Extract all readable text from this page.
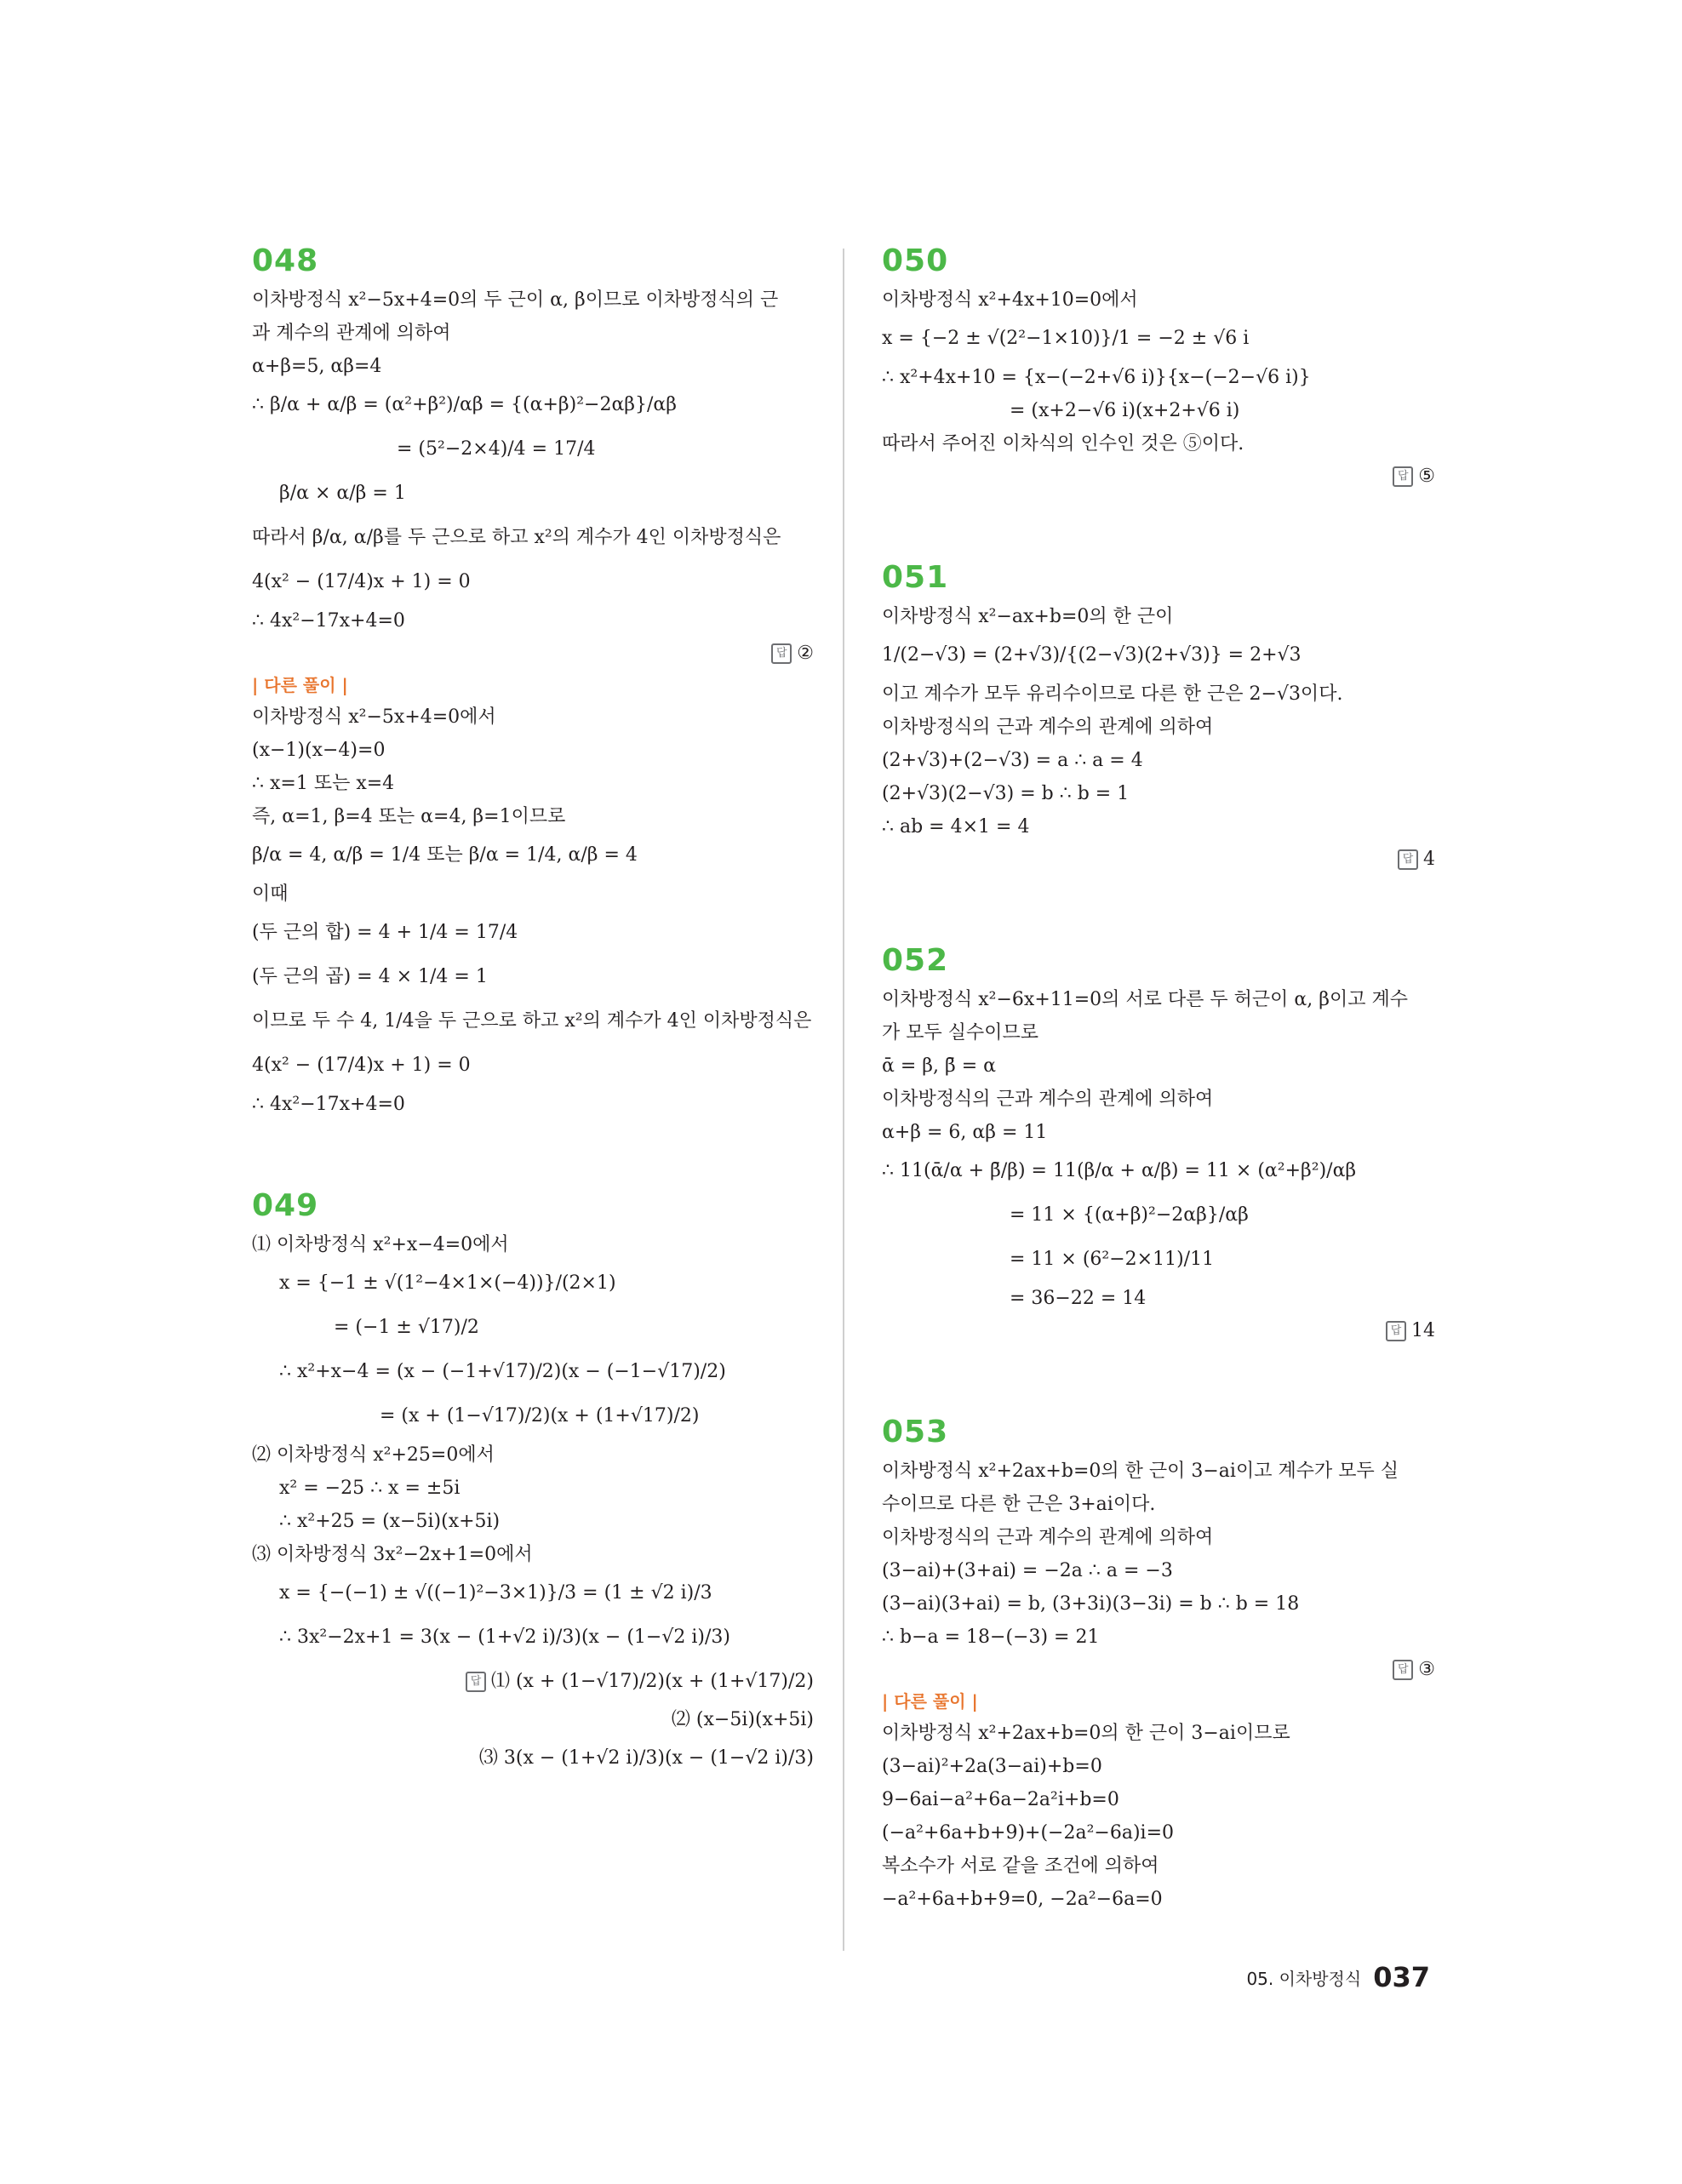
048
이차방정식 x²−5x+4=0의 두 근이 α, β이므로 이차방정식의 근
과 계수의 관계에 의하여
α+β=5, αβ=4
∴ β/α + α/β = (α²+β²)/αβ = {(α+β)²−2αβ}/αβ
= (5²−2×4)/4 = 17/4
β/α × α/β = 1
따라서 β/α, α/β를 두 근으로 하고 x²의 계수가 4인 이차방정식은
4(x² − (17/4)x + 1) = 0
∴ 4x²−17x+4=0
답 ②
| 다른 풀이 |
이차방정식 x²−5x+4=0에서
(x−1)(x−4)=0
∴ x=1 또는 x=4
즉, α=1, β=4 또는 α=4, β=1이므로
β/α = 4, α/β = 1/4 또는 β/α = 1/4, α/β = 4
이때
(두 근의 합) = 4 + 1/4 = 17/4
(두 근의 곱) = 4 × 1/4 = 1
이므로 두 수 4, 1/4을 두 근으로 하고 x²의 계수가 4인 이차방정식은
4(x² − (17/4)x + 1) = 0
∴ 4x²−17x+4=0
049
⑴ 이차방정식 x²+x−4=0에서
x = {−1 ± √(1²−4×1×(−4))}/(2×1)
= (−1 ± √17)/2
∴ x²+x−4 = (x − (−1+√17)/2)(x − (−1−√17)/2)
= (x + (1−√17)/2)(x + (1+√17)/2)
⑵ 이차방정식 x²+25=0에서
x² = −25 ∴ x = ±5i
∴ x²+25 = (x−5i)(x+5i)
⑶ 이차방정식 3x²−2x+1=0에서
x = {−(−1) ± √((−1)²−3×1)}/3 = (1 ± √2 i)/3
∴ 3x²−2x+1 = 3(x − (1+√2 i)/3)(x − (1−√2 i)/3)
답 ⑴ (x + (1−√17)/2)(x + (1+√17)/2)
⑵ (x−5i)(x+5i)
⑶ 3(x − (1+√2 i)/3)(x − (1−√2 i)/3)
050
이차방정식 x²+4x+10=0에서
x = {−2 ± √(2²−1×10)}/1 = −2 ± √6 i
∴ x²+4x+10 = {x−(−2+√6 i)}{x−(−2−√6 i)}
= (x+2−√6 i)(x+2+√6 i)
따라서 주어진 이차식의 인수인 것은 ⑤이다.
답 ⑤
051
이차방정식 x²−ax+b=0의 한 근이
1/(2−√3) = (2+√3)/{(2−√3)(2+√3)} = 2+√3
이고 계수가 모두 유리수이므로 다른 한 근은 2−√3이다.
이차방정식의 근과 계수의 관계에 의하여
(2+√3)+(2−√3) = a ∴ a = 4
(2+√3)(2−√3) = b ∴ b = 1
∴ ab = 4×1 = 4
답 4
052
이차방정식 x²−6x+11=0의 서로 다른 두 허근이 α, β이고 계수
가 모두 실수이므로
ᾱ = β, β̄ = α
이차방정식의 근과 계수의 관계에 의하여
α+β = 6, αβ = 11
∴ 11(ᾱ/α + β̄/β) = 11(β/α + α/β) = 11 × (α²+β²)/αβ
= 11 × {(α+β)²−2αβ}/αβ
= 11 × (6²−2×11)/11
= 36−22 = 14
답 14
053
이차방정식 x²+2ax+b=0의 한 근이 3−ai이고 계수가 모두 실
수이므로 다른 한 근은 3+ai이다.
이차방정식의 근과 계수의 관계에 의하여
(3−ai)+(3+ai) = −2a ∴ a = −3
(3−ai)(3+ai) = b, (3+3i)(3−3i) = b ∴ b = 18
∴ b−a = 18−(−3) = 21
답 ③
| 다른 풀이 |
이차방정식 x²+2ax+b=0의 한 근이 3−ai이므로
(3−ai)²+2a(3−ai)+b=0
9−6ai−a²+6a−2a²i+b=0
(−a²+6a+b+9)+(−2a²−6a)i=0
복소수가 서로 같을 조건에 의하여
−a²+6a+b+9=0, −2a²−6a=0
05. 이차방정식 037
